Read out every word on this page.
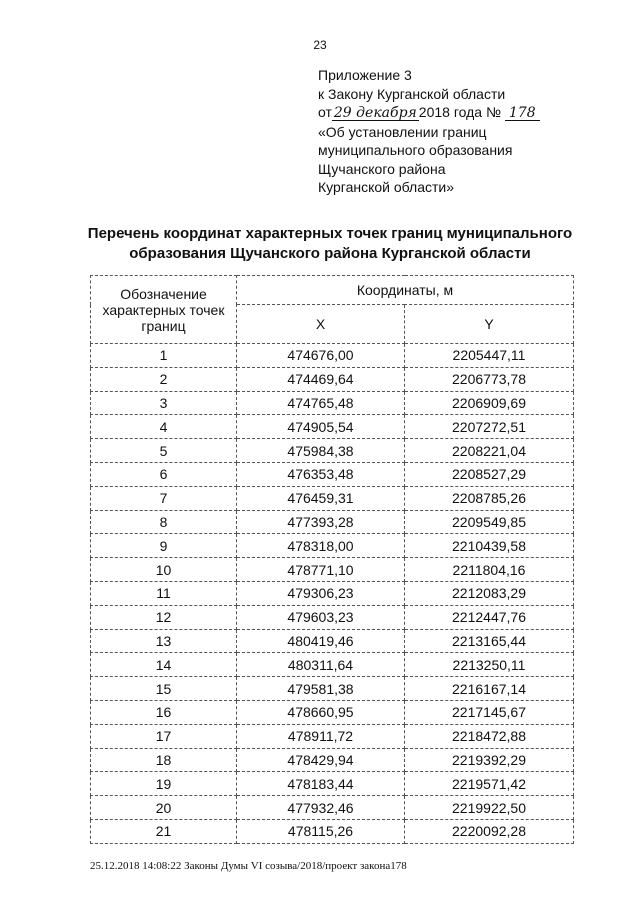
23
Приложение 3
к Закону Курганской области
от 29 декабря 2018 года № 178
«Об установлении границ
муниципального образования
Щучанского района
Курганской области»
Перечень координат характерных точек границ муниципального
образования Щучанского района Курганской области
Обозначение характерных точек границ	Координаты, м	
	X	Y
1	474676,00	2205447,11
2	474469,64	2206773,78
3	474765,48	2206909,69
4	474905,54	2207272,51
5	475984,38	2208221,04
6	476353,48	2208527,29
7	476459,31	2208785,26
8	477393,28	2209549,85
9	478318,00	2210439,58
10	478771,10	2211804,16
11	479306,23	2212083,29
12	479603,23	2212447,76
13	480419,46	2213165,44
14	480311,64	2213250,11
15	479581,38	2216167,14
16	478660,95	2217145,67
17	478911,72	2218472,88
18	478429,94	2219392,29
19	478183,44	2219571,42
20	477932,46	2219922,50
21	478115,26	2220092,28
25.12.2018 14:08:22 Законы Думы VI созыва/2018/проект закона178
